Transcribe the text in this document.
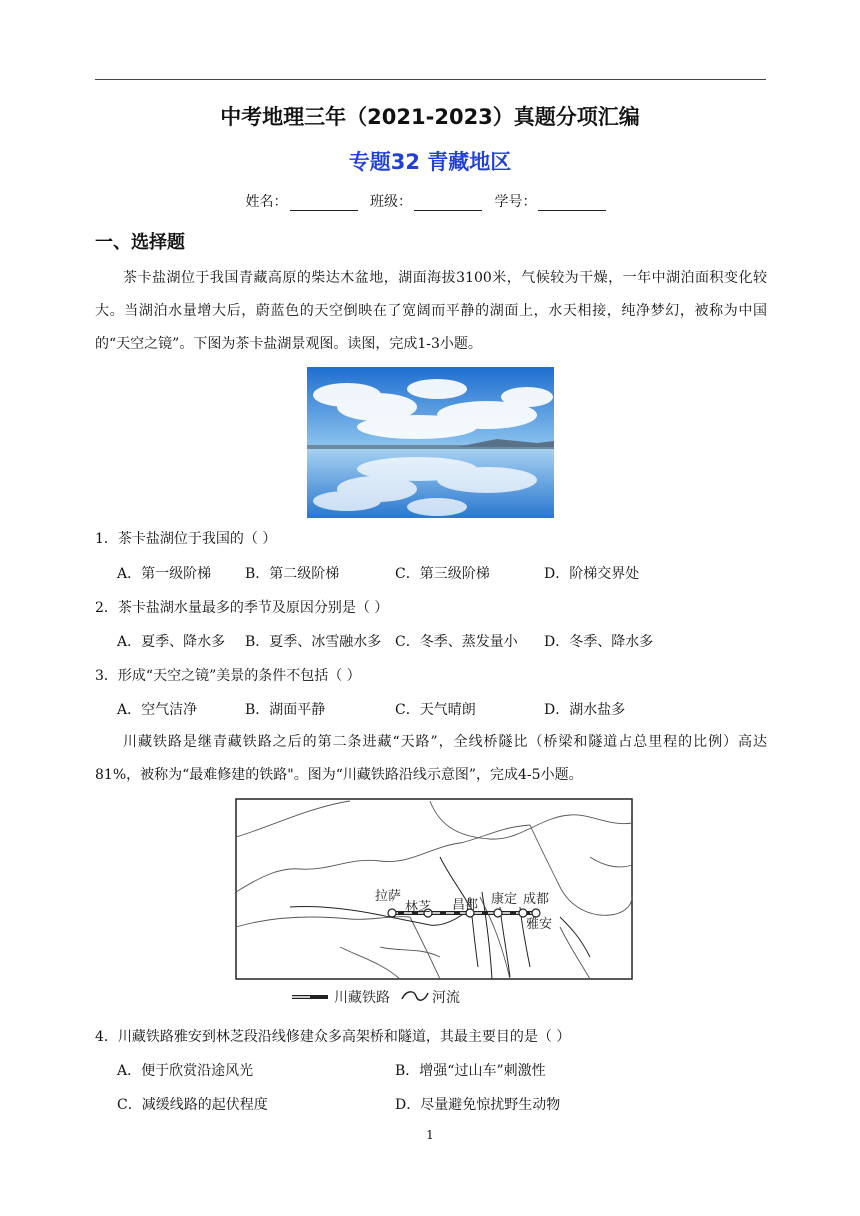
中考地理三年（2021-2023）真题分项汇编
专题32 青藏地区
姓名：	班级：	学号：
一、选择题
茶卡盐湖位于我国青藏高原的柴达木盆地，湖面海拔3100米，气候较为干燥，一年中湖泊面积变化较大。当湖泊水量增大后，蔚蓝色的天空倒映在了宽阔而平静的湖面上，水天相接，纯净梦幻，被称为中国的“天空之镜”。下图为茶卡盐湖景观图。读图，完成1-3小题。
1．茶卡盐湖位于我国的（ ）
A．第一级阶梯 B．第二级阶梯	C．第三级阶梯	D．阶梯交界处
2．茶卡盐湖水量最多的季节及原因分别是（ ）
A．夏季、降水多 B．夏季、冰雪融水多 C．冬季、蒸发量小 D．冬季、降水多
3．形成“天空之镜”美景的条件不包括（ ）
A．空气洁净	B．湖面平静	C．天气晴朗	D．湖水盐多
川藏铁路是继青藏铁路之后的第二条进藏“天路”，全线桥隧比（桥梁和隧道占总里程的比例）高达81%，被称为“最难修建的铁路"。图为“川藏铁路沿线示意图”，完成4-5小题。
拉萨
林芝 昌都 康定 成都
雅安
川藏铁路	河流
4．川藏铁路雅安到林芝段沿线修建众多高架桥和隧道，其最主要目的是（ ）
A．便于欣赏沿途风光	B．增强“过山车”刺激性
C．减缓线路的起伏程度	D．尽量避免惊扰野生动物
1
